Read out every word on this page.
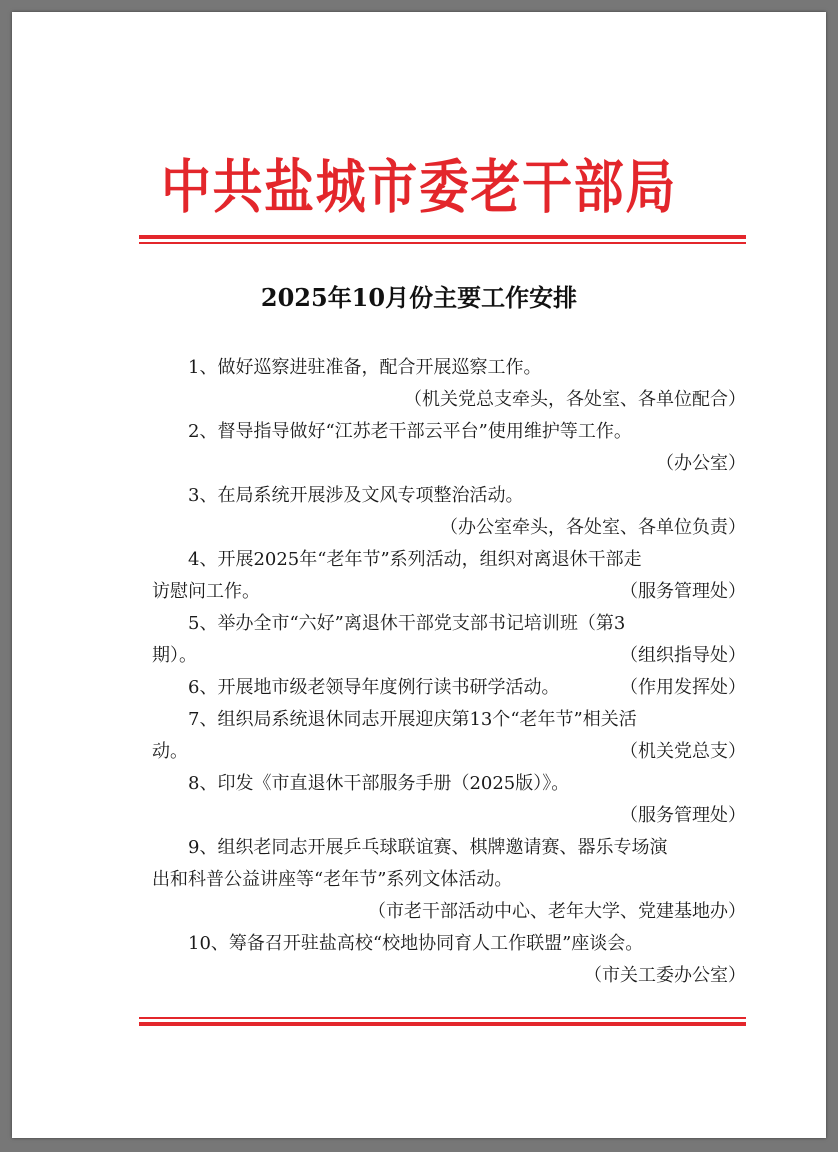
中共盐城市委老干部局
2025年10月份主要工作安排

1、做好巡察进驻准备，配合开展巡察工作。

（机关党总支牵头，各处室、各单位配合）

2、督导指导做好“江苏老干部云平台”使用维护等工作。

（办公室）

3、在局系统开展涉及文风专项整治活动。

（办公室牵头，各处室、各单位负责）

4、开展2025年“老年节”系列活动，组织对离退休干部走

访慰问工作。	（服务管理处）

5、举办全市“六好”离退休干部党支部书记培训班（第3

期）。	（组织指导处）
6、开展地市级老领导年度例行读书研学活动。	（作用发挥处）

7、组织局系统退休同志开展迎庆第13个“老年节”相关活

动。	（机关党总支）

8、印发《市直退休干部服务手册（2025版）》。

（服务管理处）

9、组织老同志开展乒乓球联谊赛、棋牌邀请赛、器乐专场演

出和科普公益讲座等“老年节”系列文体活动。

（市老干部活动中心、老年大学、党建基地办）

10、筹备召开驻盐高校“校地协同育人工作联盟”座谈会。

（市关工委办公室）
